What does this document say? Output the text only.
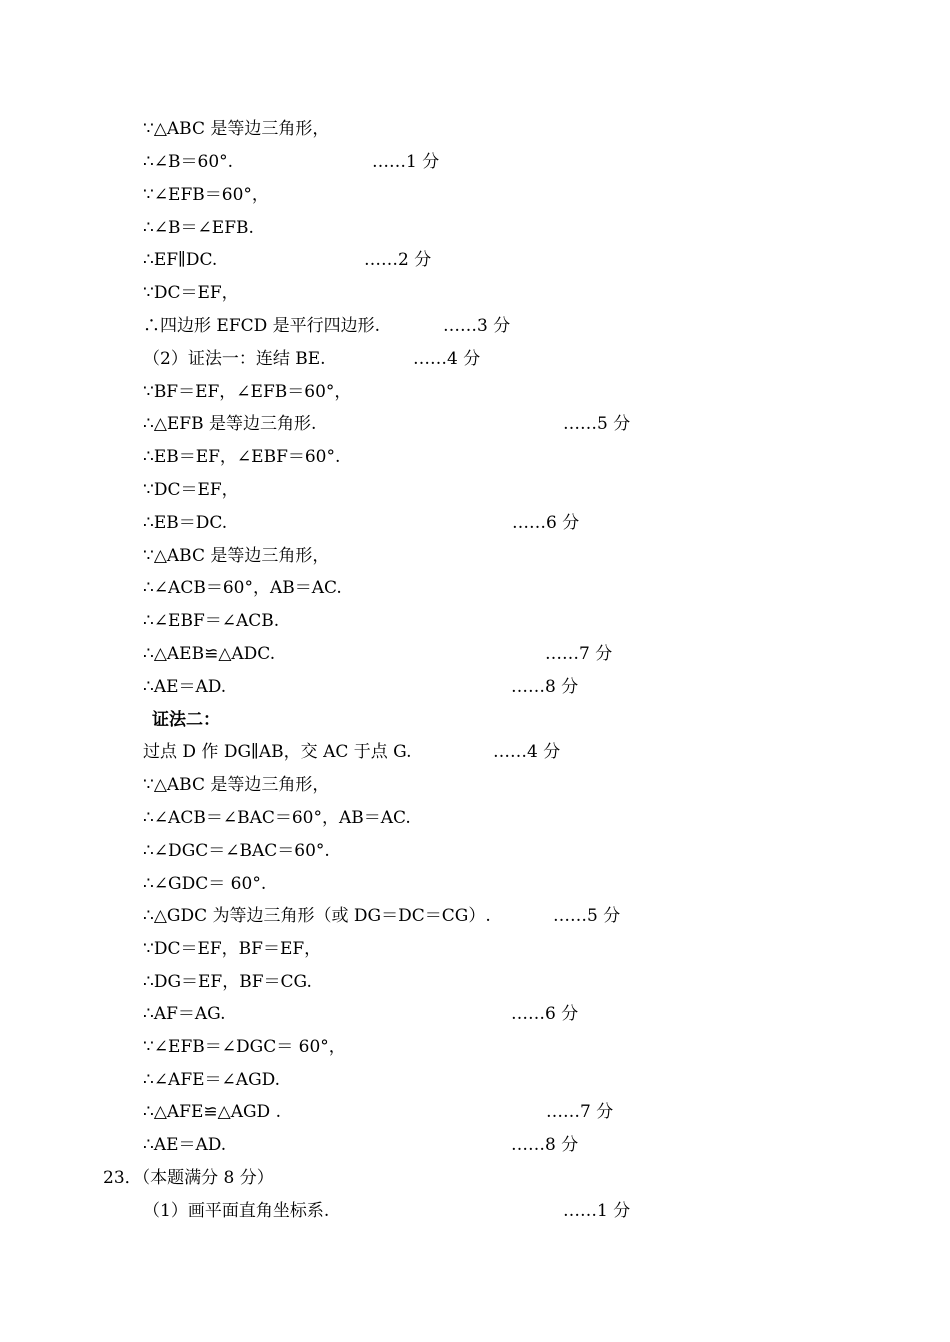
∵△ABC 是等边三角形，
∴∠B＝60°.	……1 分
∵∠EFB＝60°，
∴∠B＝∠EFB.
∴EF∥DC.	……2 分
∵DC＝EF，
∴四边形 EFCD 是平行四边形.	……3 分
（2）证法一：连结 BE.	……4 分
∵BF＝EF，∠EFB＝60°，
∴△EFB 是等边三角形.	……5 分
∴EB＝EF，∠EBF＝60°.
∵DC＝EF，
∴EB＝DC.	……6 分
∵△ABC 是等边三角形，
∴∠ACB＝60°，AB＝AC.
∴∠EBF＝∠ACB.
∴△AEB≌△ADC.	……7 分
∴AE＝AD.	……8 分
证法二：
过点 D 作 DG∥AB，交 AC 于点 G.	……4 分
∵△ABC 是等边三角形，
∴∠ACB＝∠BAC＝60°，AB＝AC.
∴∠DGC＝∠BAC＝60°.
∴∠GDC＝ 60°.
∴△GDC 为等边三角形（或 DG＝DC＝CG）.	……5 分
∵DC＝EF，BF＝EF，
∴DG＝EF，BF＝CG.
∴AF＝AG.	……6 分
∵∠EFB＝∠DGC＝ 60°，
∴∠AFE＝∠AGD.
∴△AFE≌△AGD .	……7 分
∴AE＝AD.	……8 分
23．（本题满分 8 分）
（1）画平面直角坐标系.	……1 分
